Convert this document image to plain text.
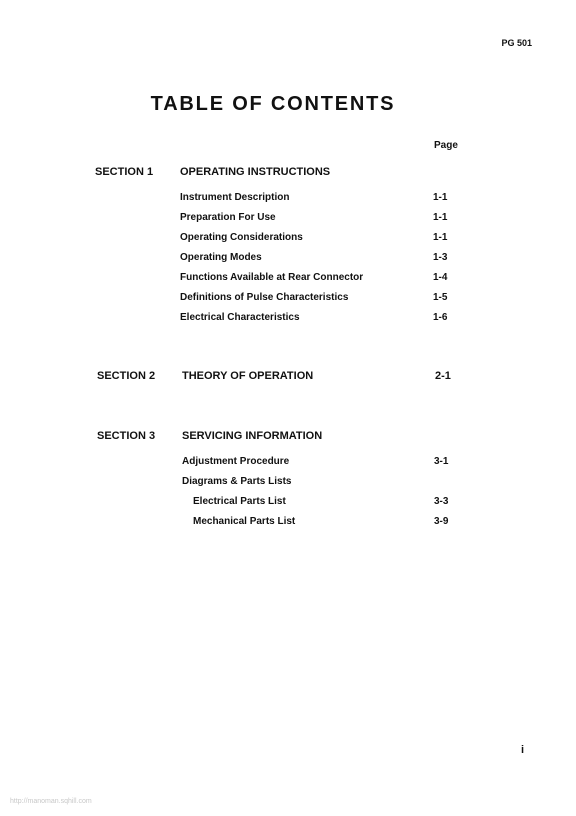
PG 501
TABLE OF CONTENTS
Page
SECTION 1 OPERATING INSTRUCTIONS
Instrument Description	1-1
Preparation For Use	1-1
Operating Considerations	1-1
Operating Modes	1-3
Functions Available at Rear Connector	1-4
Definitions of Pulse Characteristics	1-5
Electrical Characteristics	1-6
SECTION 2 THEORY OF OPERATION	2-1
SECTION 3 SERVICING INFORMATION
Adjustment Procedure	3-1
Diagrams & Parts Lists
Electrical Parts List	3-3
Mechanical Parts List	3-9
i
http://manoman.sqhill.com
